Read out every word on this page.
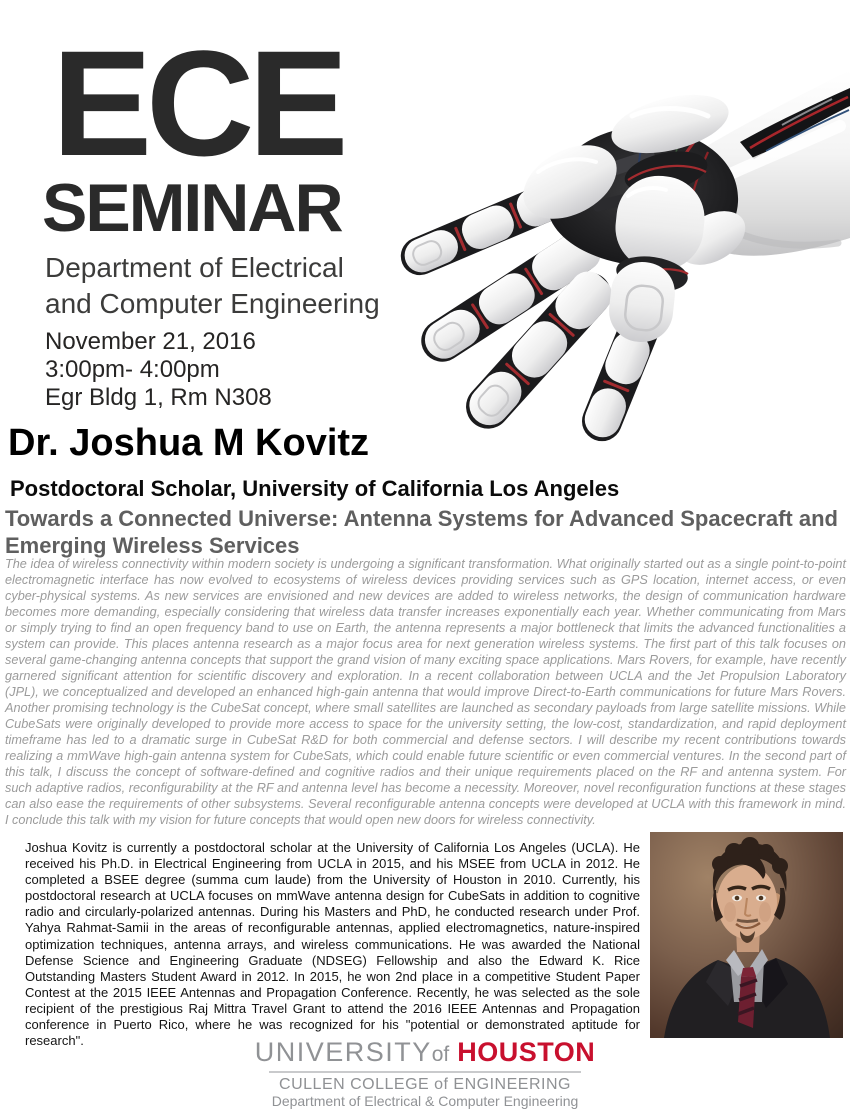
ECE
SEMINAR
Department of Electrical
and Computer Engineering
November 21, 2016
3:00pm- 4:00pm
Egr Bldg 1, Rm N308
Dr. Joshua M Kovitz
Postdoctoral Scholar, University of California Los Angeles
Towards a Connected Universe: Antenna Systems for Advanced Spacecraft and
Emerging Wireless Services

The idea of wireless connectivity within modern society is undergoing a significant transformation. What originally started out as a single point-to-point electromagnetic interface has now evolved to ecosystems of wireless devices providing services such as GPS location, internet access, or even cyber-physical systems. As new services are envisioned and new devices are added to wireless networks, the design of communication hardware becomes more demanding, especially considering that wireless data transfer increases exponentially each year. Whether communicating from Mars or simply trying to find an open frequency band to use on Earth, the antenna represents a major bottleneck that limits the advanced functionalities a system can provide. This places antenna research as a major focus area for next generation wireless systems. The first part of this talk focuses on several game-changing antenna concepts that support the grand vision of many exciting space applications. Mars Rovers, for example, have recently garnered significant attention for scientific discovery and exploration. In a recent collaboration between UCLA and the Jet Propulsion Laboratory (JPL), we conceptualized and developed an enhanced high-gain antenna that would improve Direct-to-Earth communications for future Mars Rovers. Another promising technology is the CubeSat concept, where small satellites are launched as secondary payloads from large satellite missions. While CubeSats were originally developed to provide more access to space for the university setting, the low-cost, standardization, and rapid deployment timeframe has led to a dramatic surge in CubeSat R&D for both commercial and defense sectors. I will describe my recent contributions towards realizing a mmWave high-gain antenna system for CubeSats, which could enable future scientific or even commercial ventures. In the second part of this talk, I discuss the concept of software-defined and cognitive radios and their unique requirements placed on the RF and antenna system. For such adaptive radios, reconfigurability at the RF and antenna level has become a necessity. Moreover, novel reconfiguration functions at these stages can also ease the requirements of other subsystems. Several reconfigurable antenna concepts were developed at UCLA with this framework in mind. I conclude this talk with my vision for future concepts that would open new doors for wireless connectivity.

Joshua Kovitz is currently a postdoctoral scholar at the University of California Los Angeles (UCLA). He received his Ph.D. in Electrical Engineering from UCLA in 2015, and his MSEE from UCLA in 2012. He completed a BSEE degree (summa cum laude) from the University of Houston in 2010. Currently, his postdoctoral research at UCLA focuses on mmWave antenna design for CubeSats in addition to cognitive radio and circularly-polarized antennas. During his Masters and PhD, he conducted research under Prof. Yahya Rahmat-Samii in the areas of reconfigurable antennas, applied electromagnetics, nature-inspired optimization techniques, antenna arrays, and wireless communications. He was awarded the National Defense Science and Engineering Graduate (NDSEG) Fellowship and also the Edward K. Rice Outstanding Masters Student Award in 2012. In 2015, he won 2nd place in a competitive Student Paper Contest at the 2015 IEEE Antennas and Propagation Conference. Recently, he was selected as the sole recipient of the prestigious Raj Mittra Travel Grant to attend the 2016 IEEE Antennas and Propagation conference in Puerto Rico, where he was recognized for his "potential or demonstrated aptitude for research".	UNIVERSITY of HOUSTON
CULLEN COLLEGE of ENGINEERING
Department of Electrical & Computer Engineering
